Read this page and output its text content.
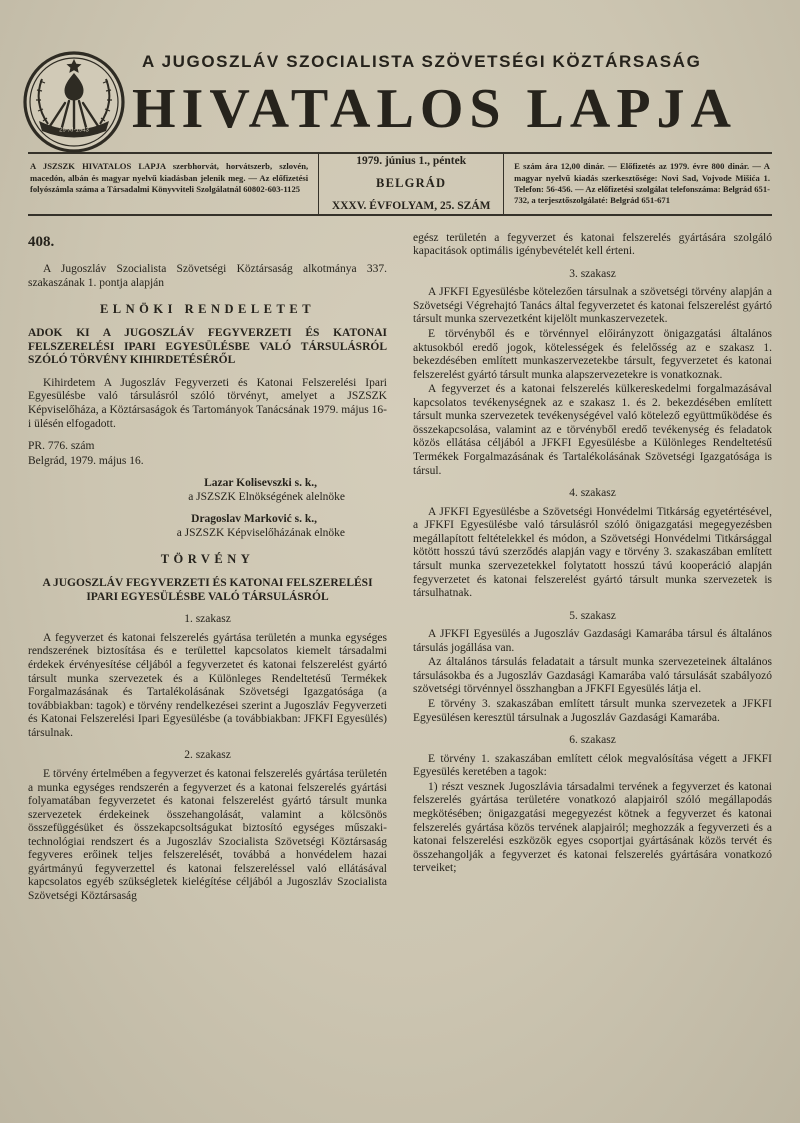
29-XI-1943
A JUGOSZLÁV SZOCIALISTA SZÖVETSÉGI KÖZTÁRSASÁG
HIVATALOS LAPJA
A JSZSZK HIVATALOS LAPJA szerbhorvát, horvátszerb, szlovén, macedón, albán és magyar nyelvű kiadásban jelenik meg. — Az előfizetési folyószámla száma a Társadalmi Könyvviteli Szolgálatnál 60802-603-1125
1979. június 1., péntek
BELGRÁD
XXXV. ÉVFOLYAM, 25. SZÁM
E szám ára 12,00 dinár. — Előfizetés az 1979. évre 800 dinár. — A magyar nyelvű kiadás szerkesztősége: Novi Sad, Vojvode Mišića 1. Telefon: 56-456. — Az előfizetési szolgálat telefonszáma: Belgrád 651-732, a terjesztőszolgálaté: Belgrád 651-671
408.

A Jugoszláv Szocialista Szövetségi Köztársaság alkotmánya 337. szakaszának 1. pontja alapján

ELNÖKI RENDELETET

ADOK KI A JUGOSZLÁV FEGYVERZETI ÉS KATONAI FELSZERELÉSI IPARI EGYESÜLÉSBE VALÓ TÁRSULÁSRÓL SZÓLÓ TÖRVÉNY KIHIRDETÉSÉRŐL

Kihirdetem A Jugoszláv Fegyverzeti és Katonai Felszerelési Ipari Egyesülésbe való társulásról szóló törvényt, amelyet a JSZSZK Képviselőháza, a Köztársaságok és Tartományok Tanácsának 1979. május 16-i ülésén elfogadott.

PR. 776. szám
Belgrád, 1979. május 16.
Lazar Kolisevszki s. k.,
a JSZSZK Elnökségének alelnöke
Dragoslav Marković s. k.,
a JSZSZK Képviselőházának elnöke
TÖRVÉNY
A JUGOSZLÁV FEGYVERZETI ÉS KATONAI FELSZERELÉSI IPARI EGYESÜLÉSBE VALÓ TÁRSULÁSRÓL
1. szakasz

A fegyverzet és katonai felszerelés gyártása területén a munka egységes rendszerének biztosítása és e területtel kapcsolatos kiemelt társadalmi érdekek érvényesítése céljából a fegyverzetet és katonai felszerelést gyártó társult munka szervezetek és a Különleges Rendeltetésű Termékek Forgalmazásának és Tartalékolásának Szövetségi Igazgatósága (a továbbiakban: tagok) e törvény rendelkezései szerint a Jugoszláv Fegyverzeti és Katonai Felszerelési Ipari Egyesülésbe (a továbbiakban: JFKFI Egyesülés) társulnak.

2. szakasz

E törvény értelmében a fegyverzet és katonai felszerelés gyártása területén a munka egységes rendszerén a fegyverzet és a katonai felszerelés gyártási folyamatában fegyverzetet és katonai felszerelést gyártó társult munka szervezetek érdekeinek összehangolását, valamint a kölcsönös összefüggésüket és összekapcsoltságukat biztosító egységes műszaki-technológiai rendszert és a Jugoszláv Szocialista Szövetségi Köztársaság fegyveres erőinek teljes felszerelését, továbbá a honvédelem hazai gyártmányú fegyverzettel és katonai felszereléssel való ellátásával kapcsolatos egyéb szükségletek kielégítése céljából a Jugoszláv Szocialista Szövetségi Köztársaság

egész területén a fegyverzet és katonai felszerelés gyártására szolgáló kapacitások optimális igénybevételét kell érteni.

3. szakasz

A JFKFI Egyesülésbe kötelezően társulnak a szövetségi törvény alapján a Szövetségi Végrehajtó Tanács által fegyverzetet és katonai felszerelést gyártó társult munka szervezetként kijelölt munkaszervezetek.

E törvényből és e törvénnyel előirányzott önigazgatási általános aktusokból eredő jogok, kötelességek és felelősség az e szakasz 1. bekezdésében említett munkaszervezetekbe társult, fegyverzetet és katonai felszerelést gyártó társult munka alapszervezetekre is vonatkoznak.

A fegyverzet és a katonai felszerelés külkereskedelmi forgalmazásával kapcsolatos tevékenységnek az e szakasz 1. és 2. bekezdésében említett társult munka szervezetek tevékenységével való kötelező együttműködése és összekapcsolása, valamint az e törvényből eredő tevékenység és feladatok közös ellátása céljából a JFKFI Egyesülésbe a Különleges Rendeltetésű Termékek Forgalmazásának és Tartalékolásának Szövetségi Igazgatósága is társul.

4. szakasz

A JFKFI Egyesülésbe a Szövetségi Honvédelmi Titkárság egyetértésével, a JFKFI Egyesülésbe való társulásról szóló önigazgatási megegyezésben megállapított feltételekkel és módon, a Szövetségi Honvédelmi Titkársággal kötött hosszú távú szerződés alapján vagy e törvény 3. szakaszában említett társult munka szervezetekkel folytatott hosszú távú kooperáció alapján fegyverzetet és katonai felszerelést gyártó társult munka szervezetek is társulhatnak.

5. szakasz

A JFKFI Egyesülés a Jugoszláv Gazdasági Kamarába társul és általános társulás jogállása van.

Az általános társulás feladatait a társult munka szervezeteinek általános társulásokba és a Jugoszláv Gazdasági Kamarába való társulását szabályozó szövetségi törvénnyel összhangban a JFKFI Egyesülés látja el.

E törvény 3. szakaszában említett társult munka szervezetek a JFKFI Egyesülésen keresztül társulnak a Jugoszláv Gazdasági Kamarába.

6. szakasz

E törvény 1. szakaszában említett célok megvalósítása végett a JFKFI Egyesülés keretében a tagok:

1) részt vesznek Jugoszlávia társadalmi tervének a fegyverzet és katonai felszerelés gyártása területére vonatkozó alapjairól szóló megállapodás megkötésében; önigazgatási megegyezést kötnek a fegyverzet és katonai felszerelés gyártása közös tervének alapjairól; meghozzák a fegyverzeti és a katonai felszerelési eszközök egyes csoportjai gyártásának közös tervét és összehangolják a fegyverzet és katonai felszerelés gyártására vonatkozó terveiket;
